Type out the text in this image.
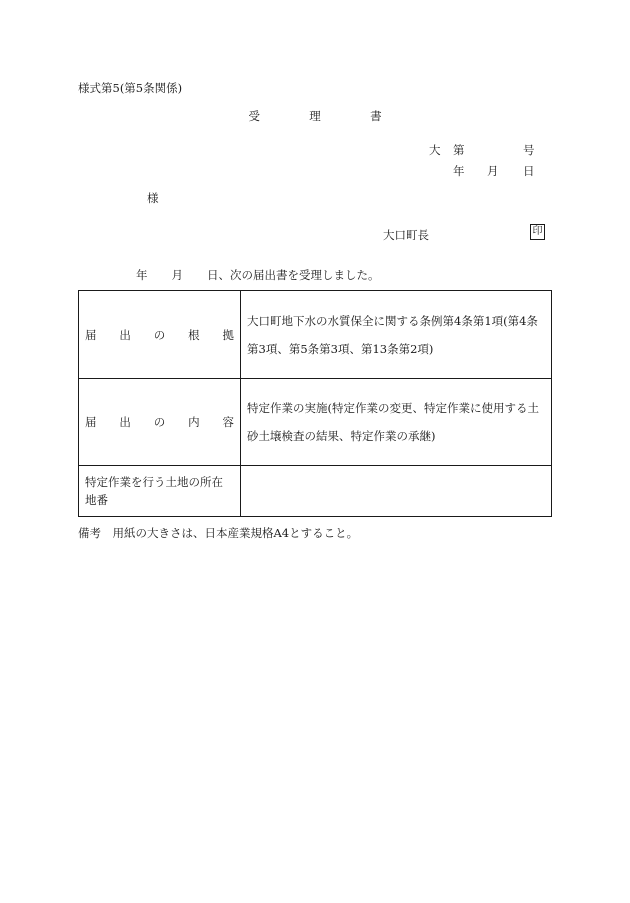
様式第5(第5条関係)
受	理	書
大 第	号
年 月 日
様
大口町長	印
年 月 日、次の届出書を受理しました。
届 出 の 根 拠	大口町地下水の水質保全に関する条例第4条第1項(第4条第3項、第5条第3項、第13条第2項)

届 出 の 内 容	特定作業の実施(特定作業の変更、特定作業に使用する土砂土壌検査の結果、特定作業の承継)
特定作業を行う土地の所在地番	
備考　用紙の大きさは、日本産業規格A4とすること。
